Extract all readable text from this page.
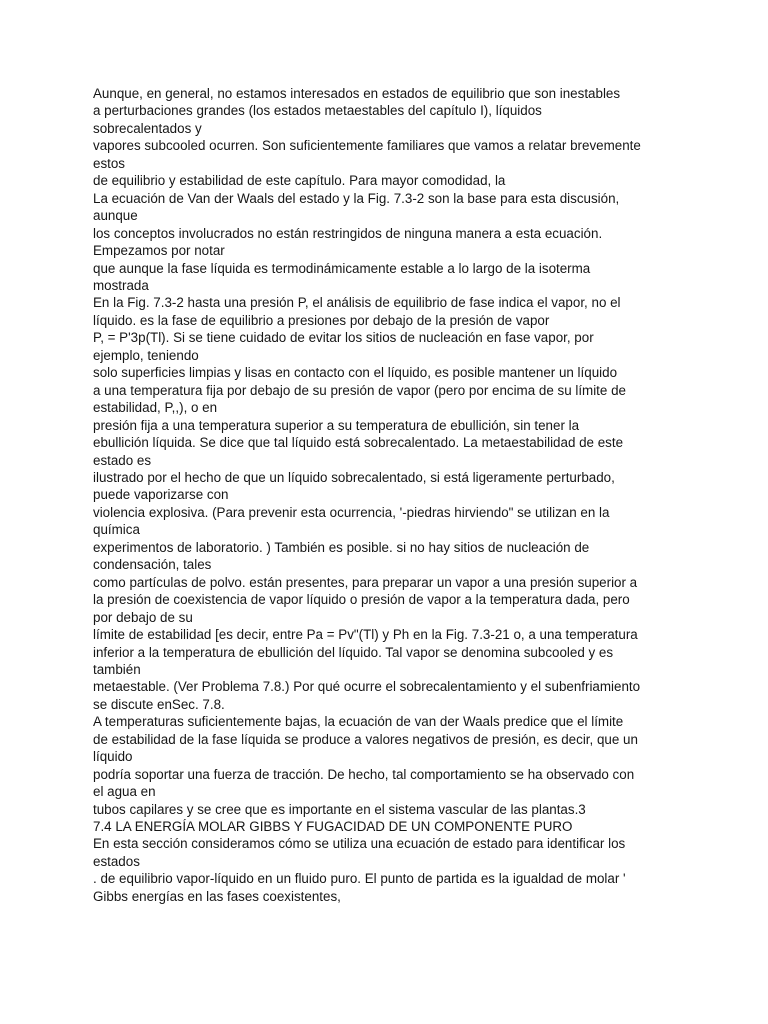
Aunque, en general, no estamos interesados en estados de equilibrio que son inestables
a perturbaciones grandes (los estados metaestables del capítulo I), líquidos
sobrecalentados y
vapores subcooled ocurren. Son suficientemente familiares que vamos a relatar brevemente
estos
de equilibrio y estabilidad de este capítulo. Para mayor comodidad, la
La ecuación de Van der Waals del estado y la Fig. 7.3-2 son la base para esta discusión,
aunque
los conceptos involucrados no están restringidos de ninguna manera a esta ecuación.
Empezamos por notar
que aunque la fase líquida es termodinámicamente estable a lo largo de la isoterma
mostrada
En la Fig. 7.3-2 hasta una presión P, el análisis de equilibrio de fase indica el vapor, no el
líquido. es la fase de equilibrio a presiones por debajo de la presión de vapor
P, = P'3p(Tl). Si se tiene cuidado de evitar los sitios de nucleación en fase vapor, por
ejemplo, teniendo
solo superficies limpias y lisas en contacto con el líquido, es posible mantener un líquido
a una temperatura fija por debajo de su presión de vapor (pero por encima de su límite de
estabilidad, P,,), o en
presión fija a una temperatura superior a su temperatura de ebullición, sin tener la
ebullición líquida. Se dice que tal líquido está sobrecalentado. La metaestabilidad de este
estado es
ilustrado por el hecho de que un líquido sobrecalentado, si está ligeramente perturbado,
puede vaporizarse con
violencia explosiva. (Para prevenir esta ocurrencia, '-piedras hirviendo" se utilizan en la
química
experimentos de laboratorio. ) También es posible. si no hay sitios de nucleación de
condensación, tales
como partículas de polvo. están presentes, para preparar un vapor a una presión superior a
la presión de coexistencia de vapor líquido o presión de vapor a la temperatura dada, pero
por debajo de su
límite de estabilidad [es decir, entre Pa = Pv"(Tl) y Ph en la Fig. 7.3-21 o, a una temperatura
inferior a la temperatura de ebullición del líquido. Tal vapor se denomina subcooled y es
también
metaestable. (Ver Problema 7.8.) Por qué ocurre el sobrecalentamiento y el subenfriamiento
se discute enSec. 7.8.
A temperaturas suficientemente bajas, la ecuación de van der Waals predice que el límite
de estabilidad de la fase líquida se produce a valores negativos de presión, es decir, que un
líquido
podría soportar una fuerza de tracción. De hecho, tal comportamiento se ha observado con
el agua en
tubos capilares y se cree que es importante en el sistema vascular de las plantas.3
7.4 LA ENERGÍA MOLAR GIBBS Y FUGACIDAD DE UN COMPONENTE PURO
En esta sección consideramos cómo se utiliza una ecuación de estado para identificar los
estados
. de equilibrio vapor-líquido en un fluido puro. El punto de partida es la igualdad de molar '
Gibbs energías en las fases coexistentes,
